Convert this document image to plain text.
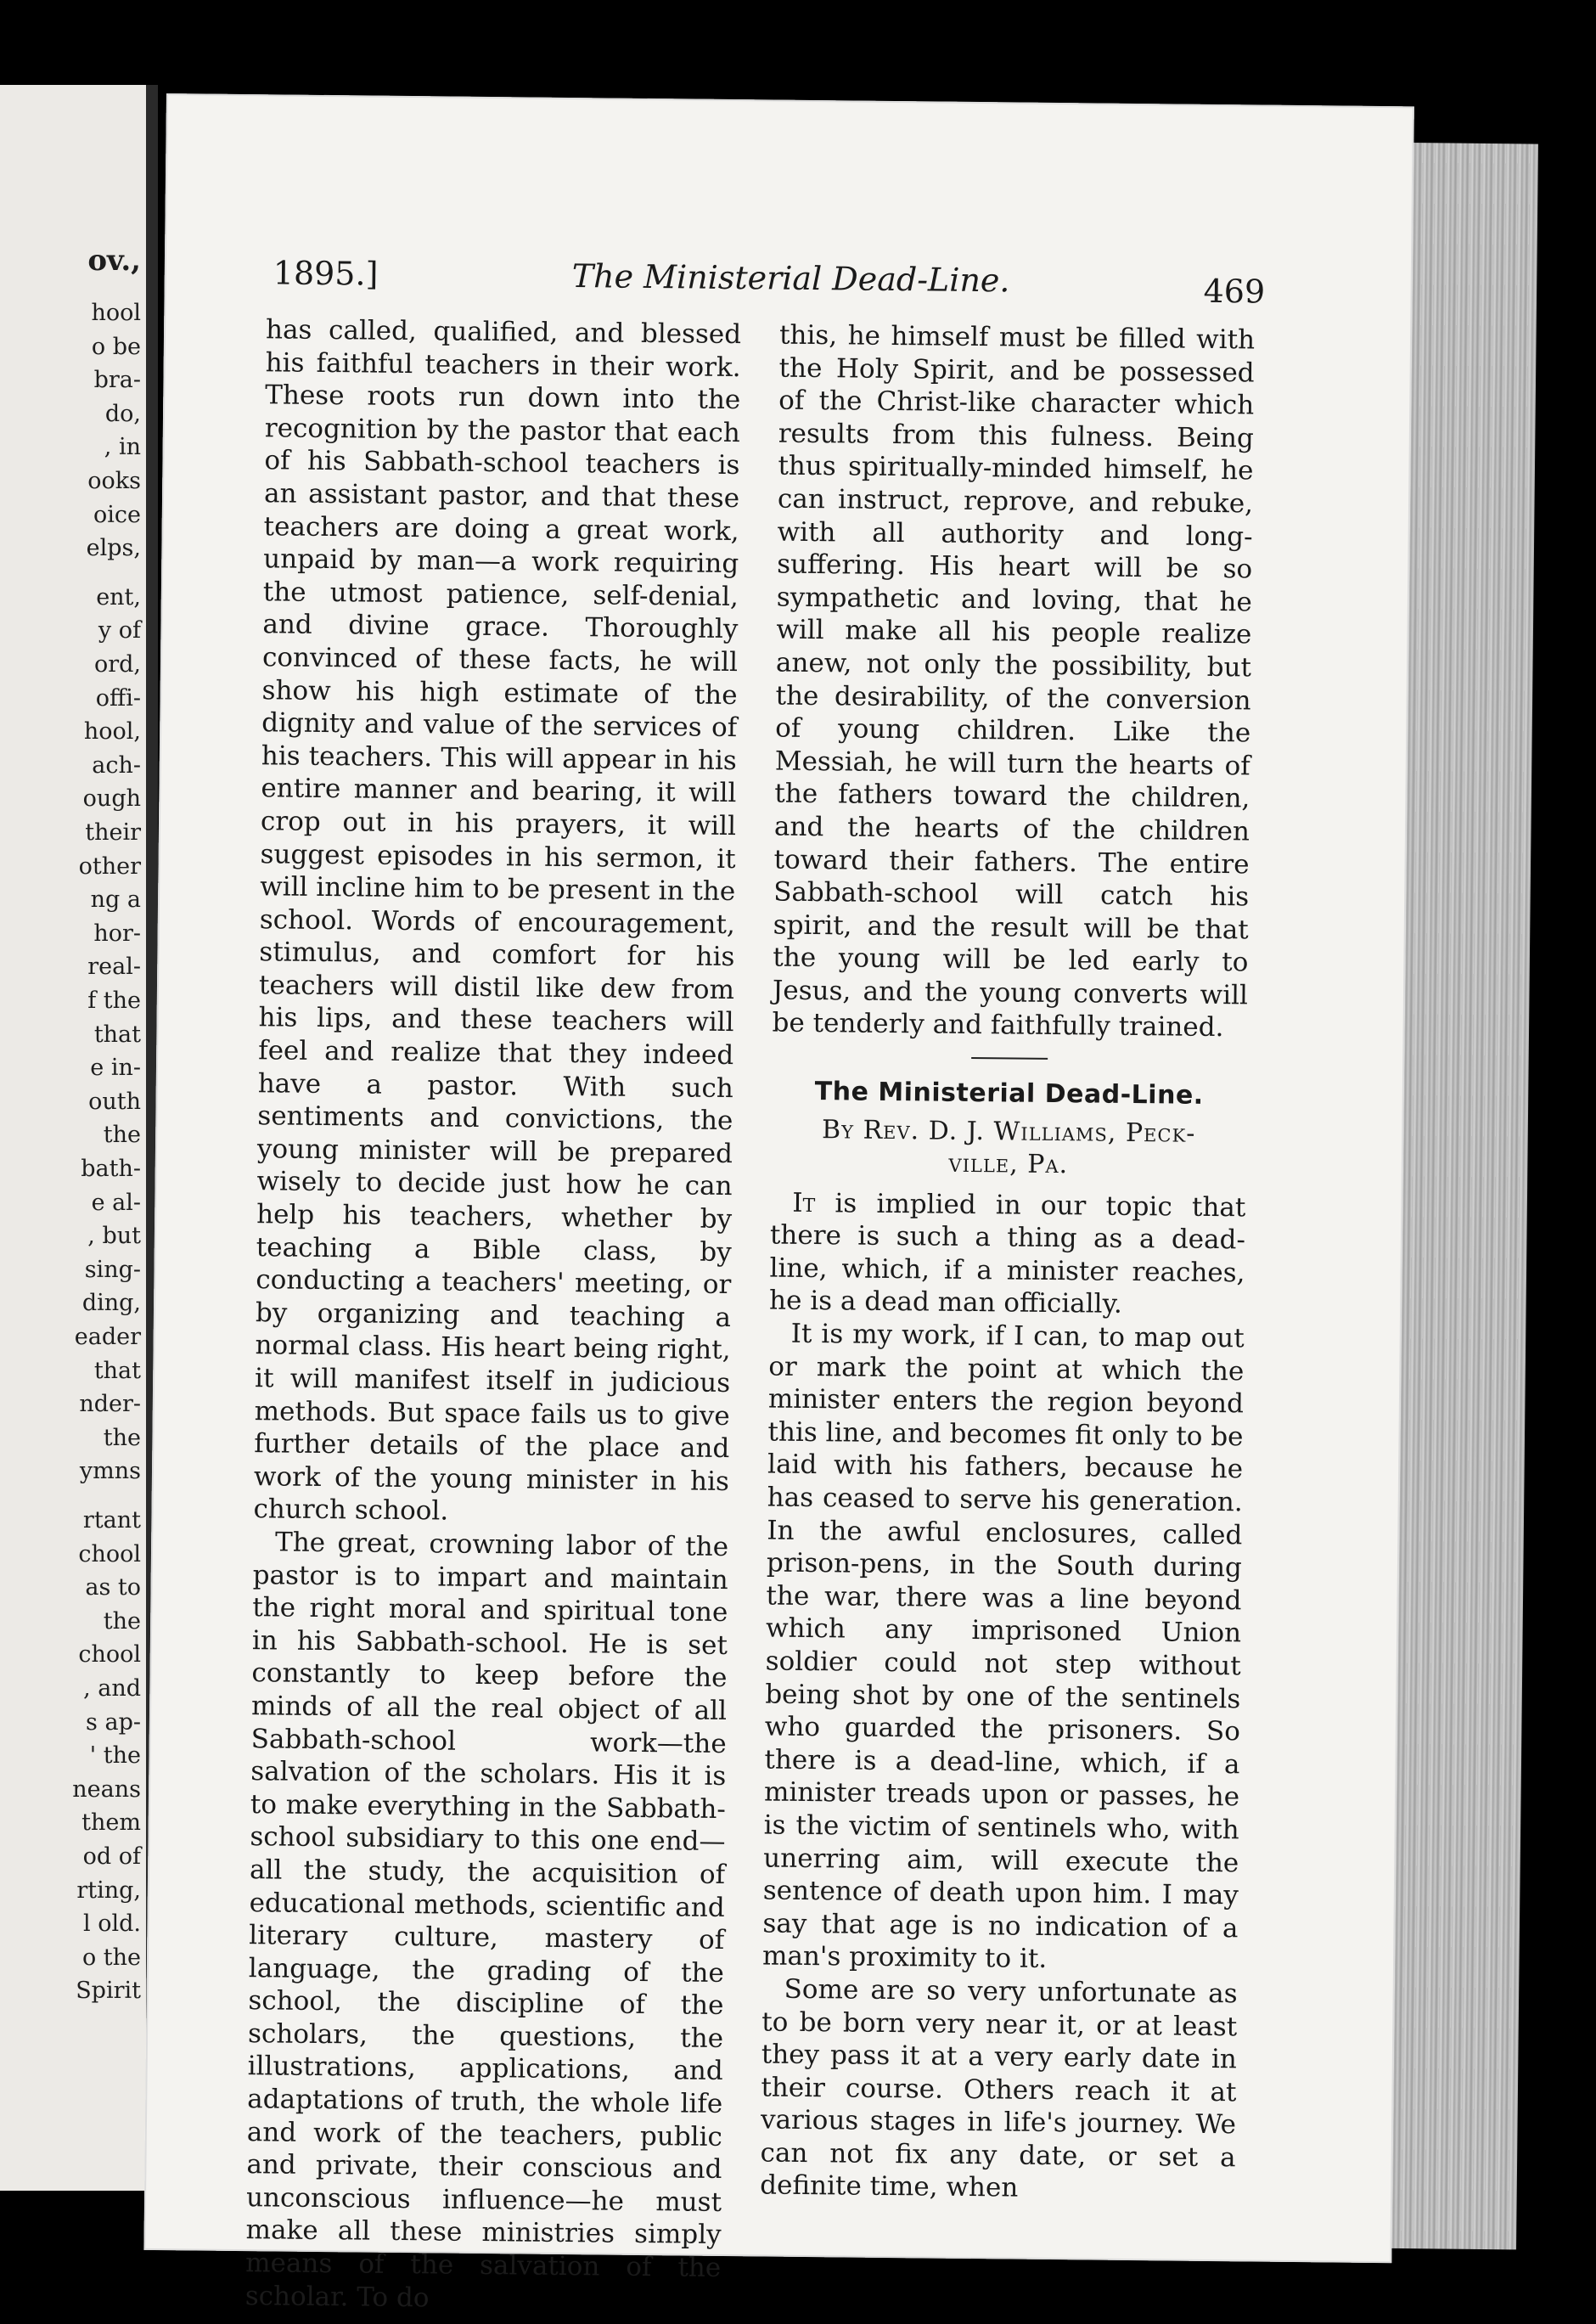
ov.,
hool
o be
bra-
do,
, in
ooks
oice
elps,
ent,
y of
ord,
offi-
hool,
ach-
ough
their
other
ng a
hor-
real-
f the
that
e in-
outh
the
bath-
e al-
, but
sing-
ding,
eader
that
nder-
the
ymns
rtant
chool
as to
the
chool
, and
s ap-
' the
neans
them
od of
rting,
l old.
o the
Spirit
1895.]	The Ministerial Dead-Line.	469

has called, qualified, and blessed his faithful teachers in their work. These roots run down into the recognition by the pastor that each of his Sabbath-school teachers is an assistant pastor, and that these teachers are doing a great work, unpaid by man—a work requiring the utmost patience, self-denial, and divine grace. Thoroughly convinced of these facts, he will show his high estimate of the dignity and value of the services of his teachers. This will appear in his entire manner and bearing, it will crop out in his prayers, it will suggest episodes in his sermon, it will incline him to be present in the school. Words of encouragement, stimulus, and comfort for his teachers will distil like dew from his lips, and these teachers will feel and realize that they indeed have a pastor. With such sentiments and convictions, the young minister will be prepared wisely to decide just how he can help his teachers, whether by teaching a Bible class, by conducting a teachers' meeting, or by organizing and teaching a normal class. His heart being right, it will manifest itself in judicious methods. But space fails us to give further details of the place and work of the young minister in his church school.

The great, crowning labor of the pastor is to impart and maintain the right moral and spiritual tone in his Sabbath-school. He is set constantly to keep before the minds of all the real object of all Sabbath-school work—the salvation of the scholars. His it is to make everything in the Sabbath-school subsidiary to this one end—all the study, the acquisition of educational methods, scientific and literary culture, mastery of language, the grading of the school, the discipline of the scholars, the questions, the illustrations, applications, and adaptations of truth, the whole life and work of the teachers, public and private, their conscious and unconscious influence—he must make all these ministries simply means of the salvation of the scholar. To do

this, he himself must be filled with the Holy Spirit, and be possessed of the Christ-like character which results from this fulness. Being thus spiritually-minded himself, he can instruct, reprove, and rebuke, with all authority and long-suffering. His heart will be so sympathetic and loving, that he will make all his people realize anew, not only the possibility, but the desirability, of the conversion of young children. Like the Messiah, he will turn the hearts of the fathers toward the children, and the hearts of the children toward their fathers. The entire Sabbath-school will catch his spirit, and the result will be that the young will be led early to Jesus, and the young converts will be tenderly and faithfully trained.

The Ministerial Dead-Line.
By Rev. D. J. Williams, Peck-
ville, Pa.

It is implied in our topic that there is such a thing as a dead-line, which, if a minister reaches, he is a dead man officially.

It is my work, if I can, to map out or mark the point at which the minister enters the region beyond this line, and becomes fit only to be laid with his fathers, because he has ceased to serve his generation. In the awful enclosures, called prison-pens, in the South during the war, there was a line beyond which any imprisoned Union soldier could not step without being shot by one of the sentinels who guarded the prisoners. So there is a dead-line, which, if a minister treads upon or passes, he is the victim of sentinels who, with unerring aim, will execute the sentence of death upon him. I may say that age is no indication of a man's proximity to it.

Some are so very unfortunate as to be born very near it, or at least they pass it at a very early date in their course. Others reach it at various stages in life's journey. We can not fix any date, or set a definite time, when
